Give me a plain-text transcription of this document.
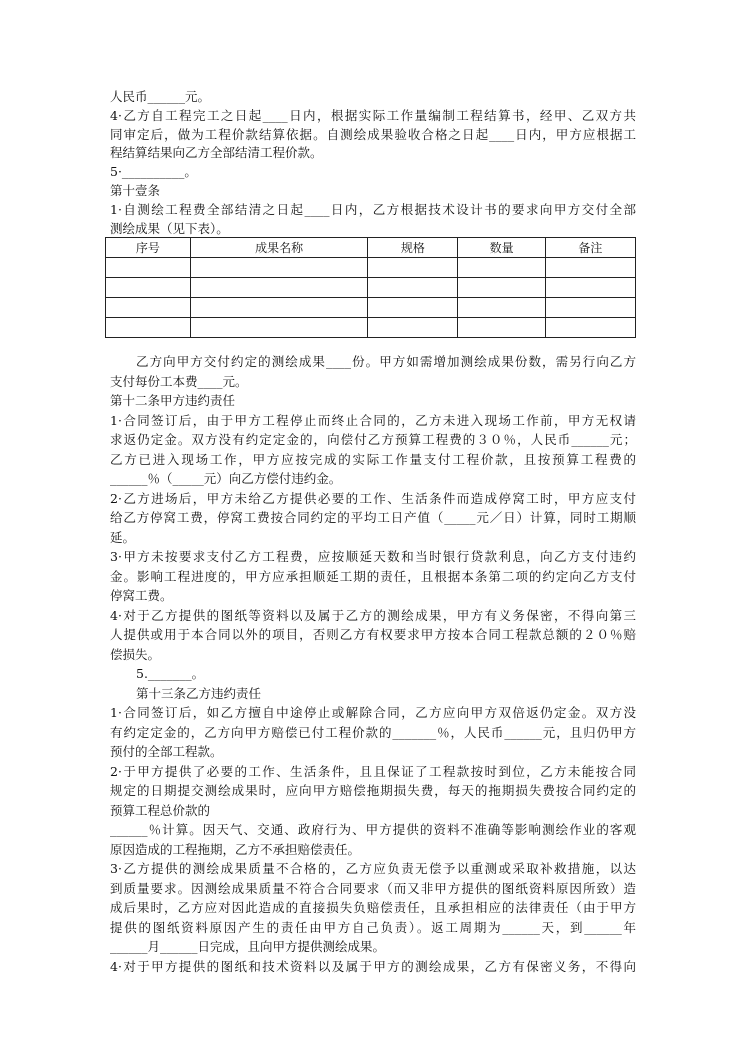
人民币______元。
4·乙方自工程完工之日起____日内，根据实际工作量编制工程结算书，经甲、乙双方共
同审定后，做为工程价款结算依据。自测绘成果验收合格之日起____日内，甲方应根据工
程结算结果向乙方全部结清工程价款。
5·__________。
第十壹条
1·自测绘工程费全部结清之日起____日内，乙方根据技术设计书的要求向甲方交付全部
测绘成果（见下表）。
序号	成果名称	规格	数量	备注

乙方向甲方交付约定的测绘成果____份。甲方如需增加测绘成果份数，需另行向乙方
支付每份工本费____元。
第十二条甲方违约责任
1·合同签订后，由于甲方工程停止而终止合同的，乙方未进入现场工作前，甲方无权请
求返仍定金。双方没有约定定金的，向偿付乙方预算工程费的３０％，人民币______元；
乙方已进入现场工作，甲方应按完成的实际工作量支付工程价款，且按预算工程费的
______％（_____元）向乙方偿付违约金。
2·乙方进场后，甲方未给乙方提供必要的工作、生活条件而造成停窝工时，甲方应支付
给乙方停窝工费，停窝工费按合同约定的平均工日产值（_____元／日）计算，同时工期顺
延。
3·甲方未按要求支付乙方工程费，应按顺延天数和当时银行贷款利息，向乙方支付违约
金。影响工程进度的，甲方应承担顺延工期的责任，且根据本条第二项的约定向乙方支付
停窝工费。
4·对于乙方提供的图纸等资料以及属于乙方的测绘成果，甲方有义务保密，不得向第三
人提供或用于本合同以外的项目，否则乙方有权要求甲方按本合同工程款总额的２０％赔
偿损失。
5._______。
第十三条乙方违约责任
1·合同签订后，如乙方擅自中途停止或解除合同，乙方应向甲方双倍返仍定金。双方没
有约定定金的，乙方向甲方赔偿已付工程价款的_______％，人民币______元，且归仍甲方
预付的全部工程款。
2·于甲方提供了必要的工作、生活条件，且且保证了工程款按时到位，乙方未能按合同
规定的日期提交测绘成果时，应向甲方赔偿拖期损失费，每天的拖期损失费按合同约定的
预算工程总价款的
______％计算。因天气、交通、政府行为、甲方提供的资料不准确等影响测绘作业的客观
原因造成的工程拖期，乙方不承担赔偿责任。
3·乙方提供的测绘成果质量不合格的，乙方应负责无偿予以重测或采取补救措施，以达
到质量要求。因测绘成果质量不符合合同要求（而又非甲方提供的图纸资料原因所致）造
成后果时，乙方应对因此造成的直接损失负赔偿责任，且承担相应的法律责任（由于甲方
提供的图纸资料原因产生的责任由甲方自己负责）。返工周期为______天，到______年
______月______日完成，且向甲方提供测绘成果。
4·对于甲方提供的图纸和技术资料以及属于甲方的测绘成果，乙方有保密义务，不得向
